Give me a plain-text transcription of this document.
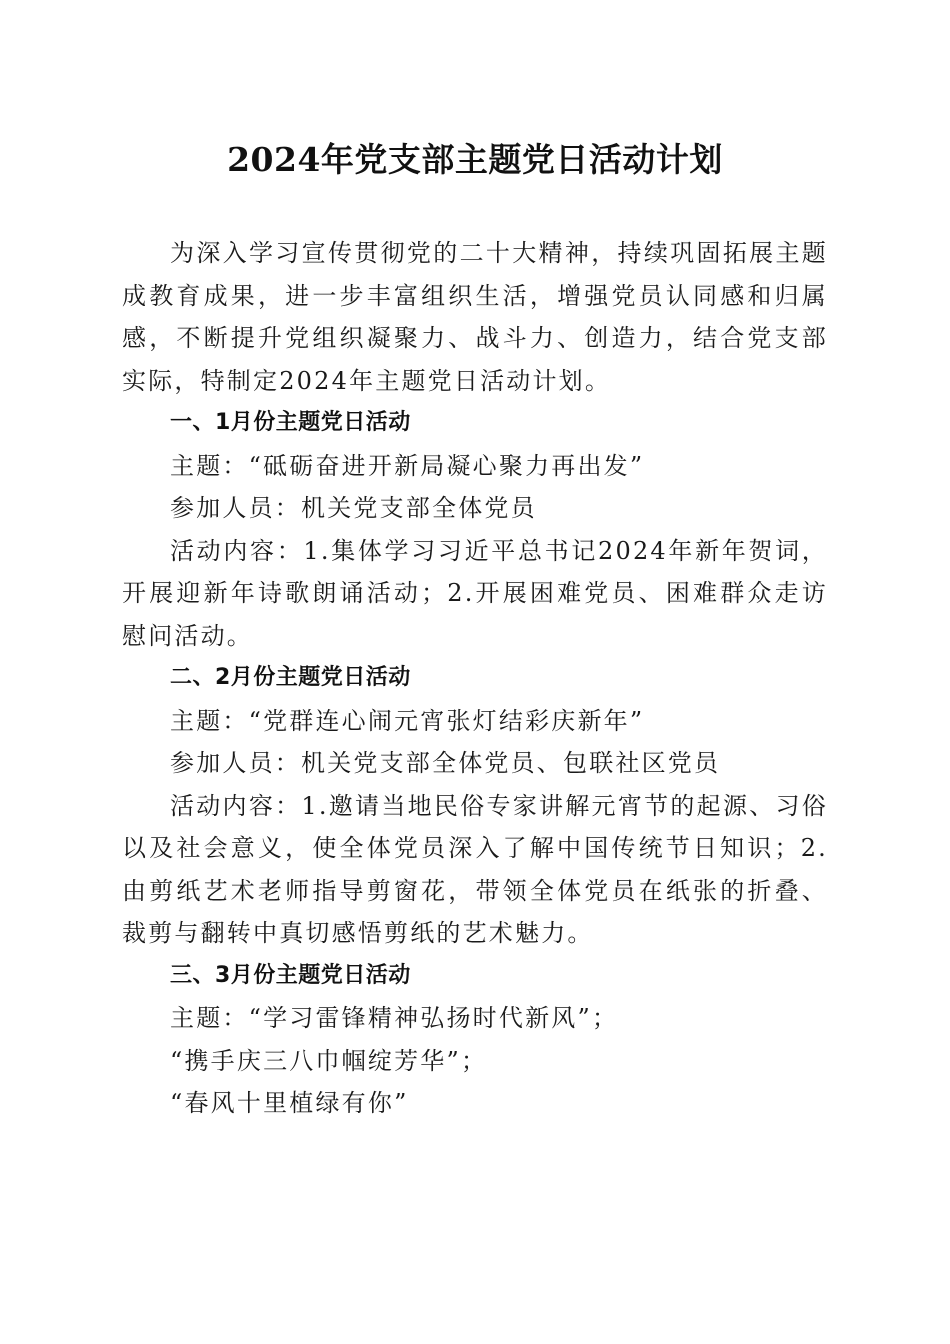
2024年党支部主题党日活动计划

为深入学习宣传贯彻党的二十大精神，持续巩固拓展主题成教育成果，进一步丰富组织生活，增强党员认同感和归属感，不断提升党组织凝聚力、战斗力、创造力，结合党支部实际，特制定2024年主题党日活动计划。

一、1月份主题党日活动

主题：“砥砺奋进开新局凝心聚力再出发”

参加人员：机关党支部全体党员

活动内容：1.集体学习习近平总书记2024年新年贺词，开展迎新年诗歌朗诵活动；2.开展困难党员、困难群众走访慰问活动。

二、2月份主题党日活动

主题：“党群连心闹元宵张灯结彩庆新年”

参加人员：机关党支部全体党员、包联社区党员

活动内容：1.邀请当地民俗专家讲解元宵节的起源、习俗以及社会意义，使全体党员深入了解中国传统节日知识；2.由剪纸艺术老师指导剪窗花，带领全体党员在纸张的折叠、裁剪与翻转中真切感悟剪纸的艺术魅力。

三、3月份主题党日活动

主题：“学习雷锋精神弘扬时代新风”；

“携手庆三八巾帼绽芳华”；

“春风十里植绿有你”
